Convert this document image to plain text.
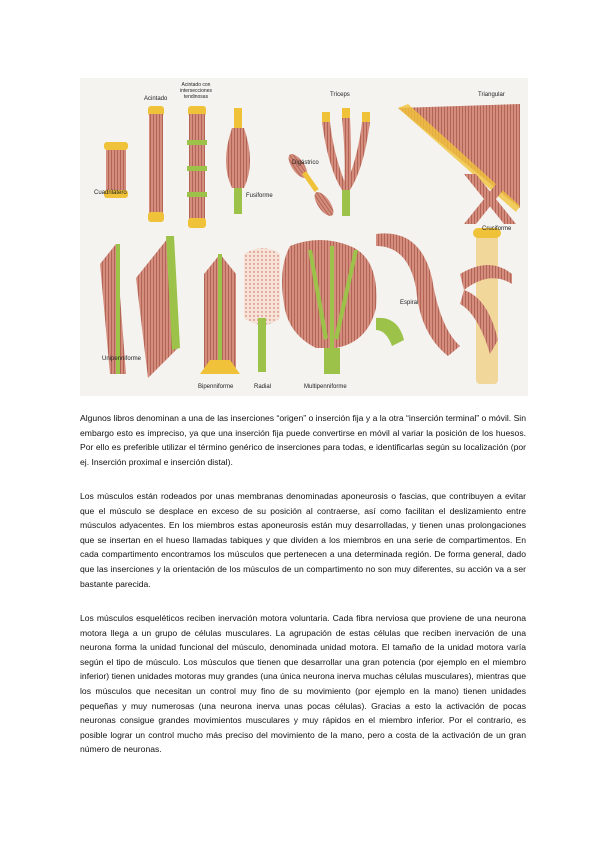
Acintado
Acintado con intersecciones tendinosas	Tríceps	Triangular
Cuadrilátero
Digástrico
Fusiforme
Cruciforme
Espiral
Unipenniforme
Bipenniforme	Radial	Multipenniforme

Algunos libros denominan a una de las inserciones “origen” o inserción fija y a la otra “inserción terminal” o móvil. Sin embargo esto es impreciso, ya que una inserción fija puede convertirse en móvil al variar la posición de los huesos. Por ello es preferible utilizar el término genérico de inserciones para todas, e identificarlas según su localización (por ej. Inserción proximal e inserción distal).

Los músculos están rodeados por unas membranas denominadas aponeurosis o fascias, que contribuyen a evitar que el músculo se desplace en exceso de su posición al contraerse, así como facilitan el deslizamiento entre músculos adyacentes. En los miembros estas aponeurosis están muy desarrolladas, y tienen unas prolongaciones que se insertan en el hueso llamadas tabiques y que dividen a los miembros en una serie de compartimentos. En cada compartimento encontramos los músculos que pertenecen a una determinada región. De forma general, dado que las inserciones y la orientación de los músculos de un compartimento no son muy diferentes, su acción va a ser bastante parecida.

Los músculos esqueléticos reciben inervación motora voluntaria. Cada fibra nerviosa que proviene de una neurona motora llega a un grupo de células musculares. La agrupación de estas células que reciben inervación de una neurona forma la unidad funcional del músculo, denominada unidad motora. El tamaño de la unidad motora varía según el tipo de músculo. Los músculos que tienen que desarrollar una gran potencia (por ejemplo en el miembro inferior) tienen unidades motoras muy grandes (una única neurona inerva muchas células musculares), mientras que los músculos que necesitan un control muy fino de su movimiento (por ejemplo en la mano) tienen unidades pequeñas y muy numerosas (una neurona inerva unas pocas células). Gracias a esto la activación de pocas neuronas consigue grandes movimientos musculares y muy rápidos en el miembro inferior. Por el contrario, es posible lograr un control mucho más preciso del movimiento de la mano, pero a costa de la activación de un gran número de neuronas.
